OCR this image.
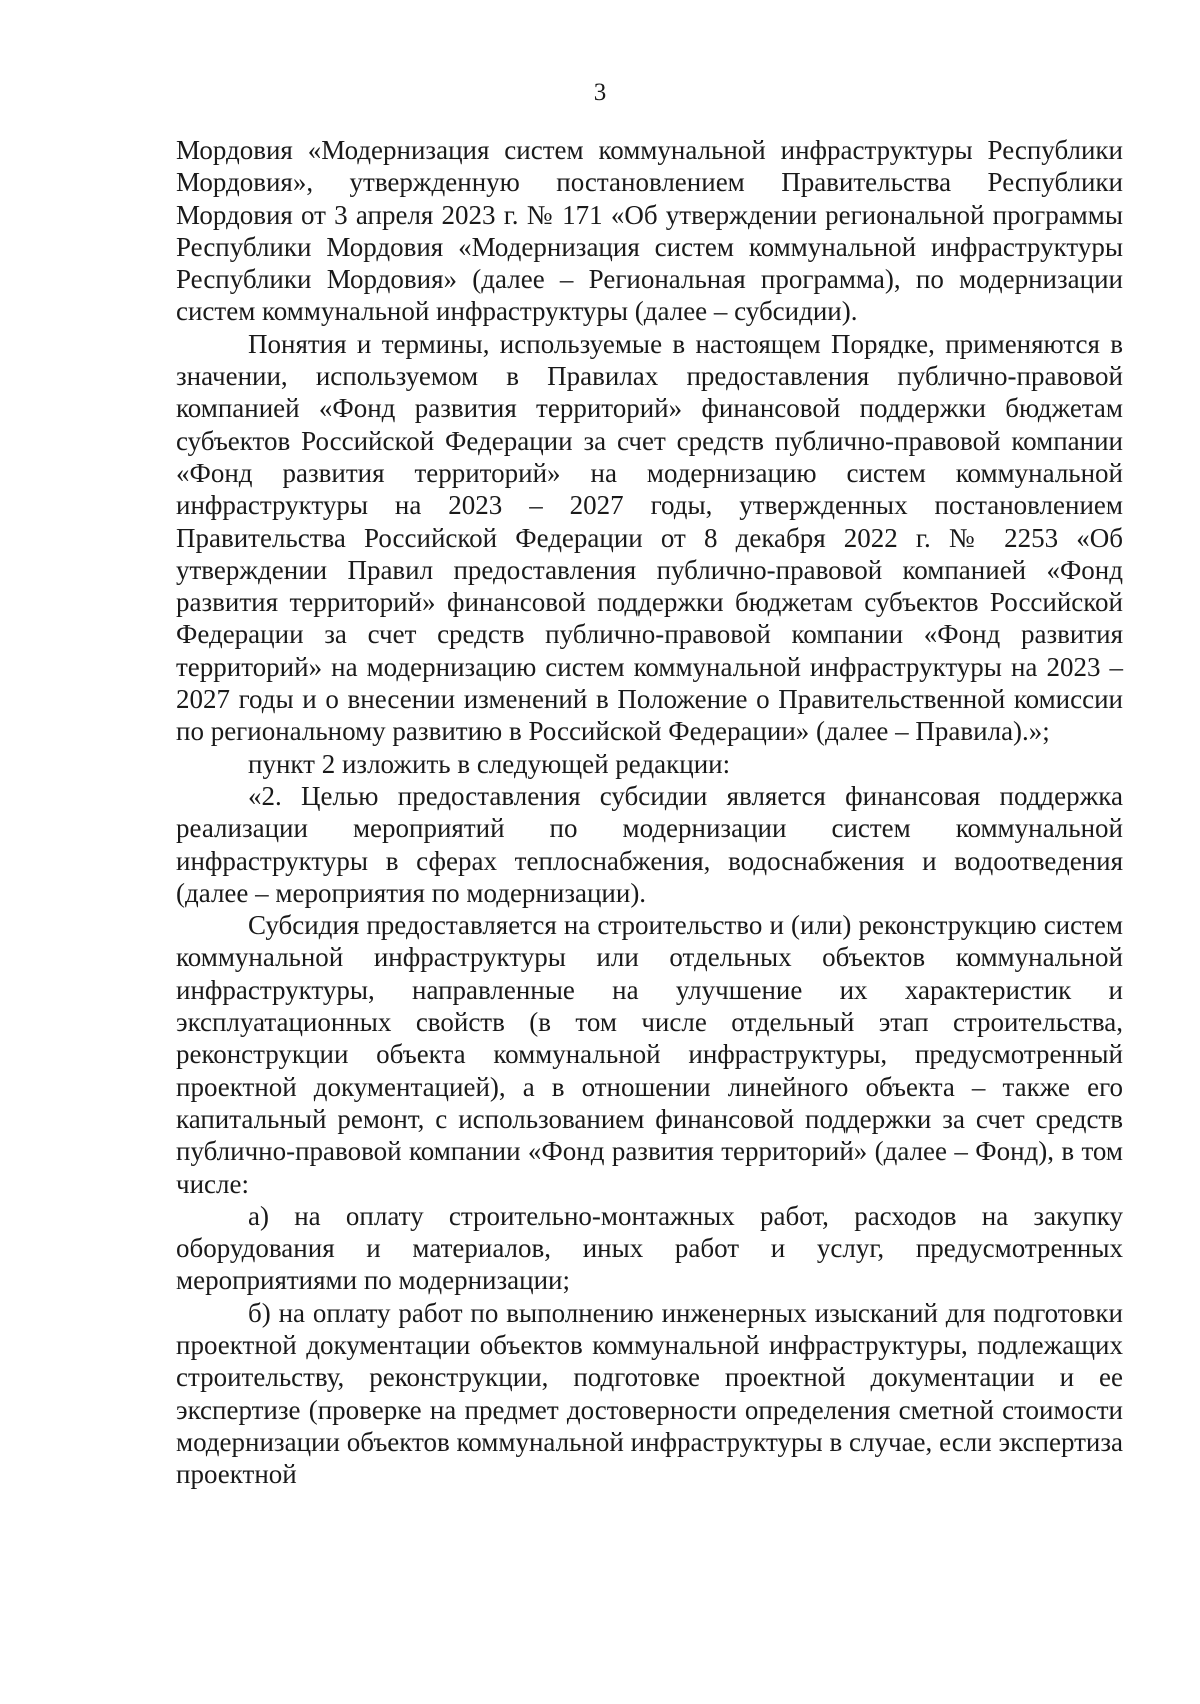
3

Мордовия «Модернизация систем коммунальной инфраструктуры Республики Мордовия», утвержденную постановлением Правительства Республики Мордовия от 3 апреля 2023 г. № 171 «Об утверждении региональной программы Республики Мордовия «Модернизация систем коммунальной инфраструктуры Республики Мордовия» (далее – Региональная программа), по модернизации систем коммунальной инфраструктуры (далее – субсидии).

Понятия и термины, используемые в настоящем Порядке, применяются в значении, используемом в Правилах предоставления публично-правовой компанией «Фонд развития территорий» финансовой поддержки бюджетам субъектов Российской Федерации за счет средств публично-правовой компании «Фонд развития территорий» на модернизацию систем коммунальной инфраструктуры на 2023 – 2027 годы, утвержденных постановлением Правительства Российской Федерации от 8 декабря 2022 г. № 2253 «Об утверждении Правил предоставления публично-правовой компанией «Фонд развития территорий» финансовой поддержки бюджетам субъектов Российской Федерации за счет средств публично-правовой компании «Фонд развития территорий» на модернизацию систем коммунальной инфраструктуры на 2023 – 2027 годы и о внесении изменений в Положение о Правительственной комиссии по региональному развитию в Российской Федерации» (далее – Правила).»;

пункт 2 изложить в следующей редакции:

«2. Целью предоставления субсидии является финансовая поддержка реализации мероприятий по модернизации систем коммунальной инфраструктуры в сферах теплоснабжения, водоснабжения и водоотведения (далее – мероприятия по модернизации).

Субсидия предоставляется на строительство и (или) реконструкцию систем коммунальной инфраструктуры или отдельных объектов коммунальной инфраструктуры, направленные на улучшение их характеристик и эксплуатационных свойств (в том числе отдельный этап строительства, реконструкции объекта коммунальной инфраструктуры, предусмотренный проектной документацией), а в отношении линейного объекта – также его капитальный ремонт, с использованием финансовой поддержки за счет средств публично-правовой компании «Фонд развития территорий» (далее – Фонд), в том числе:

а) на оплату строительно-монтажных работ, расходов на закупку оборудования и материалов, иных работ и услуг, предусмотренных мероприятиями по модернизации;

б) на оплату работ по выполнению инженерных изысканий для подготовки проектной документации объектов коммунальной инфраструктуры, подлежащих строительству, реконструкции, подготовке проектной документации и ее экспертизе (проверке на предмет достоверности определения сметной стоимости модернизации объектов коммунальной инфраструктуры в случае, если экспертиза проектной
